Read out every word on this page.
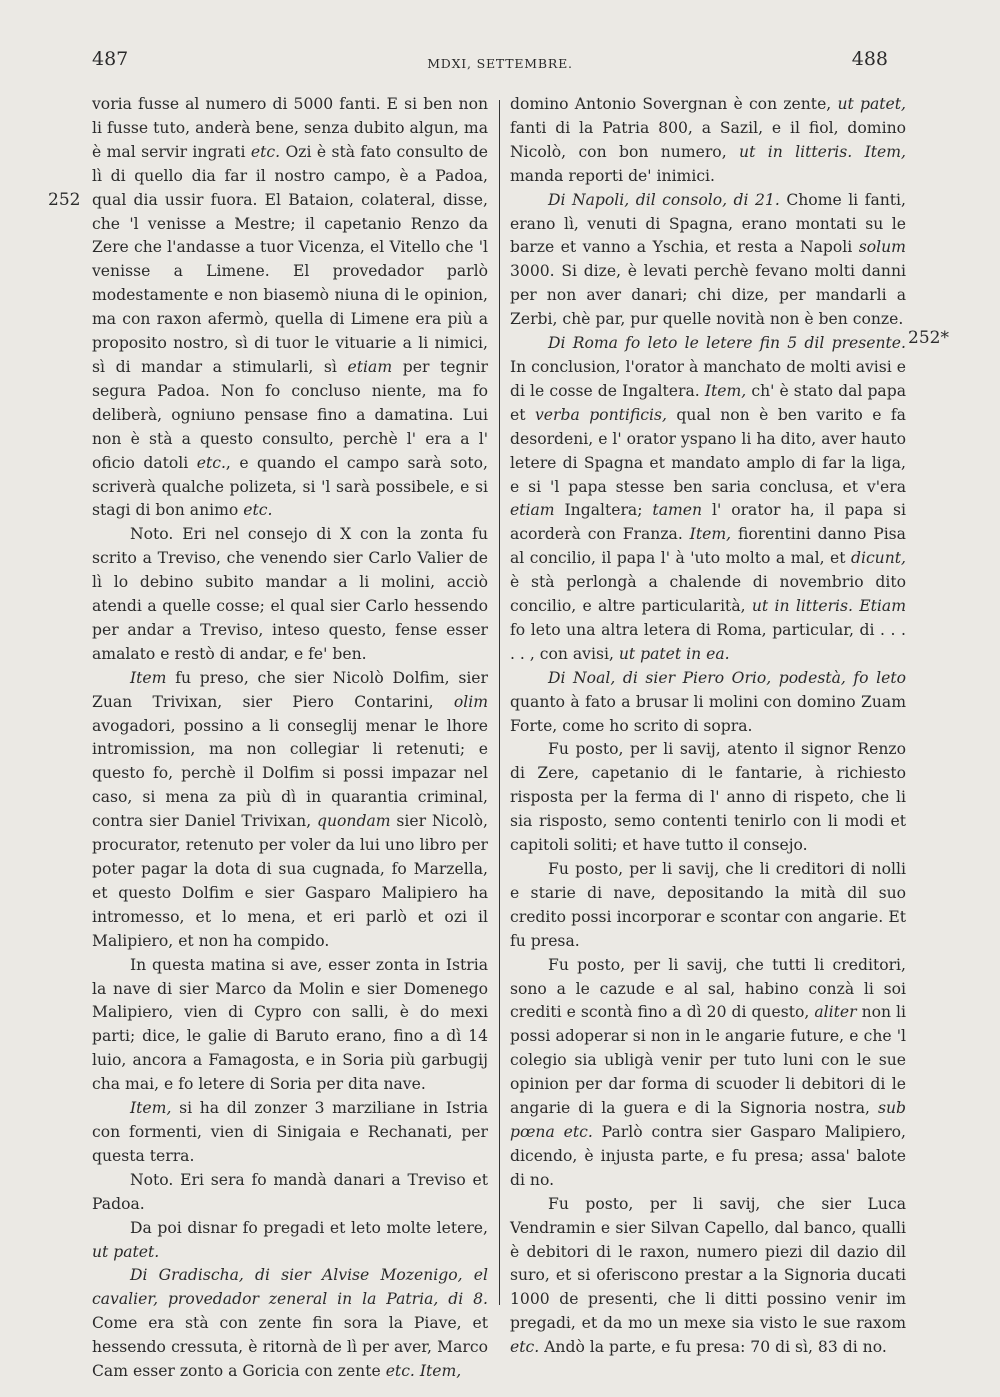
487	MDXI, SETTEMBRE.	488
252
252*

voria fusse al numero di 5000 fanti. E si ben non li fusse tuto, anderà bene, senza dubito algun, ma è mal servir ingrati etc. Ozi è stà fato consulto de lì di quello dia far il nostro campo, è a Padoa, qual dia ussir fuora. El Bataion, colateral, disse, che 'l venisse a Mestre; il capetanio Renzo da Zere che l'andasse a tuor Vicenza, el Vitello che 'l venisse a Limene. El provedador parlò modestamente e non biasemò niuna di le opinion, ma con raxon afermò, quella di Limene era più a proposito nostro, sì di tuor le vituarie a li nimici, sì di mandar a stimularli, sì etiam per tegnir segura Padoa. Non fo concluso niente, ma fo deliberà, ogniuno pensase fino a damatina. Lui non è stà a questo consulto, perchè l' era a l' oficio datoli etc., e quando el campo sarà soto, scriverà qualche polizeta, si 'l sarà possibele, e si stagi di bon animo etc.

Noto. Eri nel consejo di X con la zonta fu scrito a Treviso, che venendo sier Carlo Valier de lì lo debino subito mandar a li molini, acciò atendi a quelle cosse; el qual sier Carlo hessendo per andar a Treviso, inteso questo, fense esser amalato e restò di andar, e fe' ben.

Item fu preso, che sier Nicolò Dolfim, sier Zuan Trivixan, sier Piero Contarini, olim avogadori, possino a li conseglij menar le lhore intromission, ma non collegiar li retenuti; e questo fo, perchè il Dolfim si possi impazar nel caso, si mena za più dì in quarantia criminal, contra sier Daniel Trivixan, quondam sier Nicolò, procurator, retenuto per voler da lui uno libro per poter pagar la dota di sua cugnada, fo Marzella, et questo Dolfim e sier Gasparo Malipiero ha intromesso, et lo mena, et eri parlò et ozi il Malipiero, et non ha compido.

In questa matina si ave, esser zonta in Istria la nave di sier Marco da Molin e sier Domenego Malipiero, vien di Cypro con salli, è do mexi parti; dice, le galie di Baruto erano, fino a dì 14 luio, ancora a Famagosta, e in Soria più garbugij cha mai, e fo letere di Soria per dita nave.

Item, si ha dil zonzer 3 marziliane in Istria con formenti, vien di Sinigaia e Rechanati, per questa terra.

Noto. Eri sera fo mandà danari a Treviso et Padoa.

Da poi disnar fo pregadi et leto molte letere, ut patet.

Di Gradischa, di sier Alvise Mozenigo, el cavalier, provedador zeneral in la Patria, di 8. Come era stà con zente fin sora la Piave, et hessendo cressuta, è ritornà de lì per aver, Marco Cam esser zonto a Goricia con zente etc. Item,

domino Antonio Sovergnan è con zente, ut patet, fanti di la Patria 800, a Sazil, e il fiol, domino Nicolò, con bon numero, ut in litteris. Item, manda reporti de' inimici.

Di Napoli, dil consolo, di 21. Chome li fanti, erano lì, venuti di Spagna, erano montati su le barze et vanno a Yschia, et resta a Napoli solum 3000. Si dize, è levati perchè fevano molti danni per non aver danari; chi dize, per mandarli a Zerbi, chè par, pur quelle novità non è ben conze.

Di Roma fo leto le letere fin 5 dil presente. In conclusion, l'orator à manchato de molti avisi e di le cosse de Ingaltera. Item, ch' è stato dal papa et verba pontificis, qual non è ben varito e fa desordeni, e l' orator yspano li ha dito, aver hauto letere di Spagna et mandato amplo di far la liga, e si 'l papa stesse ben saria conclusa, et v'era etiam Ingaltera; tamen l' orator ha, il papa si acorderà con Franza. Item, fiorentini danno Pisa al concilio, il papa l' à 'uto molto a mal, et dicunt, è stà perlongà a chalende di novembrio dito concilio, e altre particularità, ut in litteris. Etiam fo leto una altra letera di Roma, particular, di . . . . . , con avisi, ut patet in ea.

Di Noal, di sier Piero Orio, podestà, fo leto quanto à fato a brusar li molini con domino Zuam Forte, come ho scrito di sopra.

Fu posto, per li savij, atento il signor Renzo di Zere, capetanio di le fantarie, à richiesto risposta per la ferma di l' anno di rispeto, che li sia risposto, semo contenti tenirlo con li modi et capitoli soliti; et have tutto il consejo.

Fu posto, per li savij, che li creditori di nolli e starie di nave, depositando la mità dil suo credito possi incorporar e scontar con angarie. Et fu presa.

Fu posto, per li savij, che tutti li creditori, sono a le cazude e al sal, habino conzà li soi crediti e scontà fino a dì 20 di questo, aliter non li possi adoperar si non in le angarie future, e che 'l colegio sia ubligà venir per tuto luni con le sue opinion per dar forma di scuoder li debitori di le angarie di la guera e di la Signoria nostra, sub pœna etc. Parlò contra sier Gasparo Malipiero, dicendo, è injusta parte, e fu presa; assa' balote di no.

Fu posto, per li savij, che sier Luca Vendramin e sier Silvan Capello, dal banco, qualli è debitori di le raxon, numero piezi dil dazio dil suro, et si oferiscono prestar a la Signoria ducati 1000 de presenti, che li ditti possino venir im pregadi, et da mo un mexe sia visto le sue raxom etc. Andò la parte, e fu presa: 70 di sì, 83 di no.
